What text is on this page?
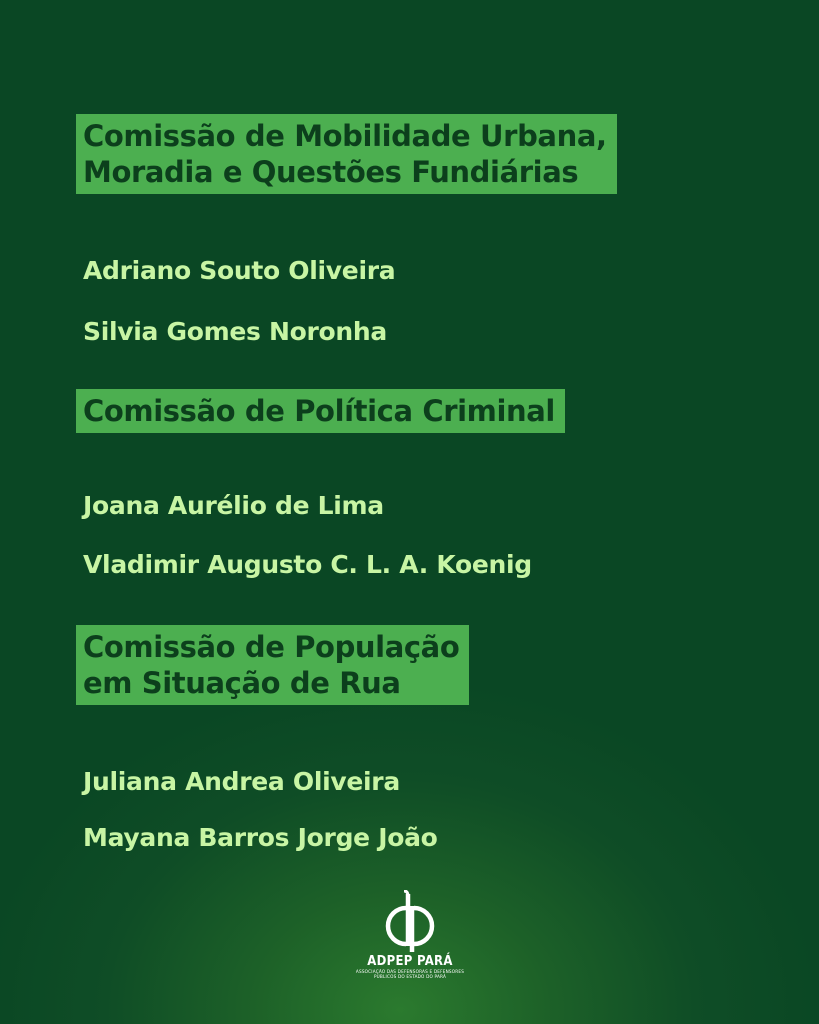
Comissão de Mobilidade Urbana,
Moradia e Questões Fundiárias
Adriano Souto Oliveira
Silvia Gomes Noronha
Comissão de Política Criminal
Joana Aurélio de Lima
Vladimir Augusto C. L. A. Koenig
Comissão de População
em Situação de Rua
Juliana Andrea Oliveira
Mayana Barros Jorge João
ADPEP PARÁ
ASSOCIAÇÃO DAS DEFENSORAS E DEFENSORES
PÚBLICOS DO ESTADO DO PARÁ
